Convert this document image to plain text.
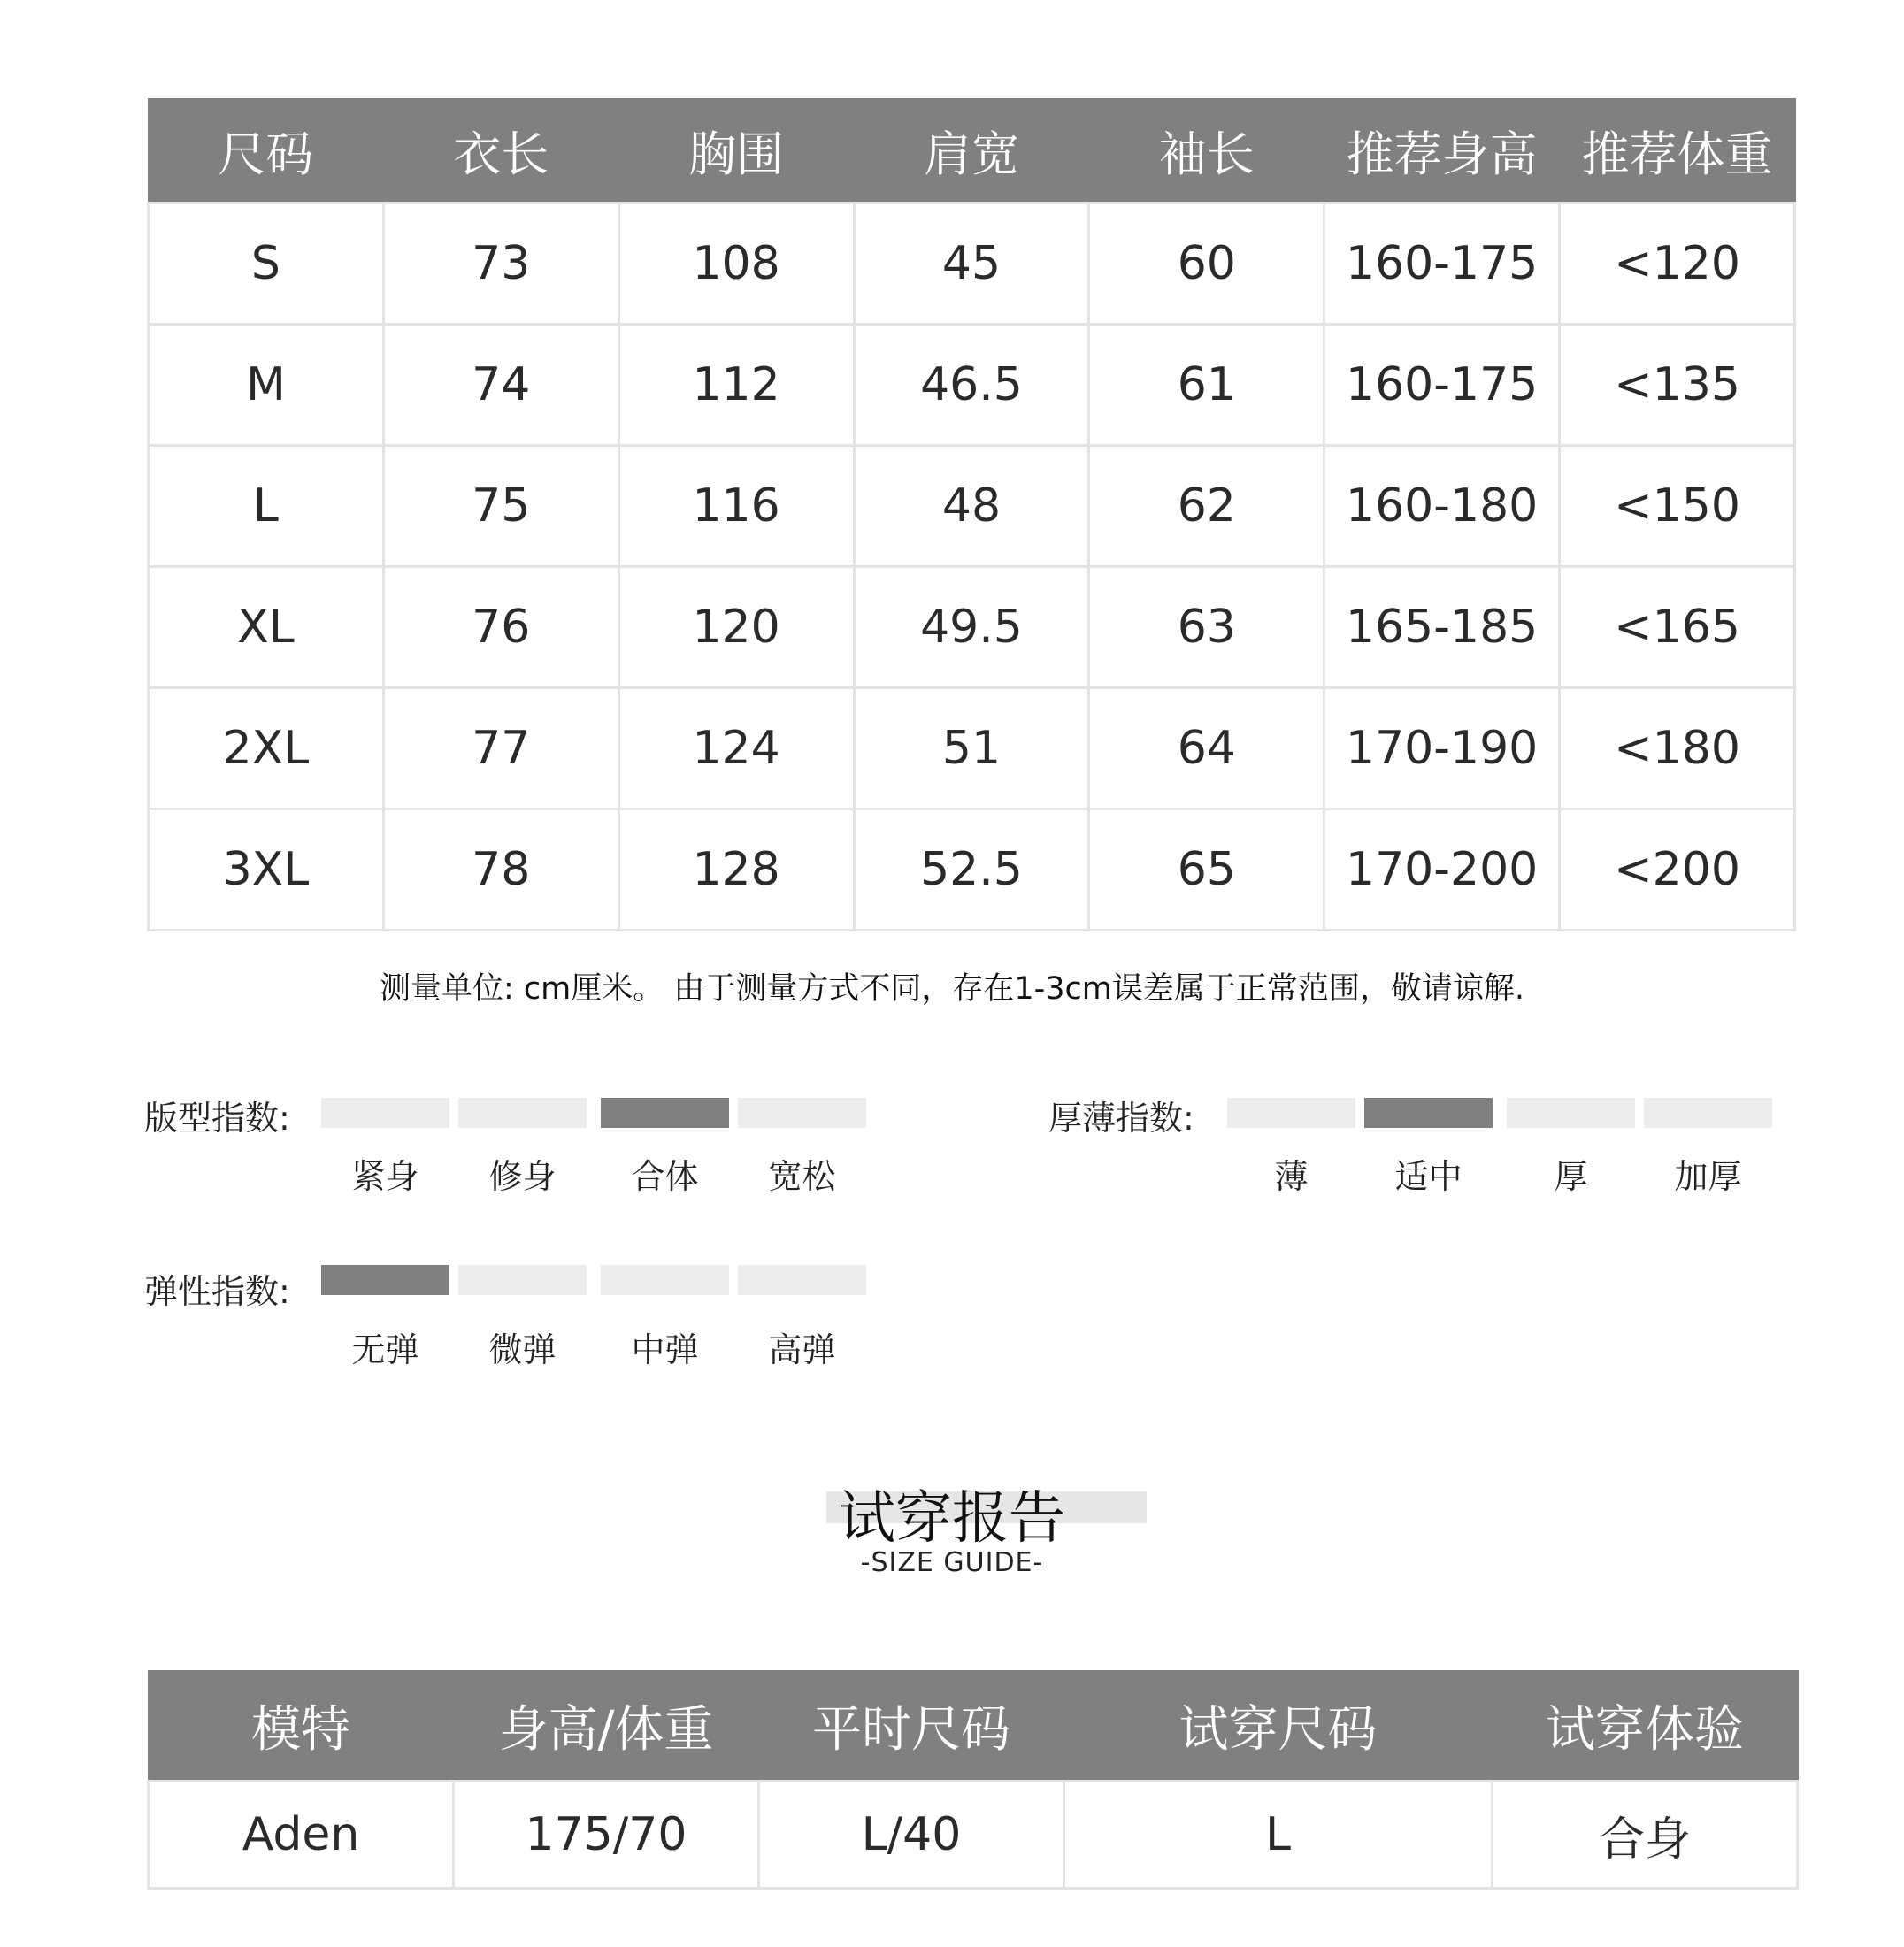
尺码	衣长	胸围	肩宽	袖长	推荐身高	推荐体重
S	73	108	45	60	160-175	<120
M	74	112	46.5	61	160-175	<135
L	75	116	48	62	160-180	<150
XL	76	120	49.5	63	165-185	<165
2XL	77	124	51	64	170-190	<180
3XL	78	128	52.5	65	170-200	<200
测量单位: cm厘米。 由于测量方式不同，存在1-3cm误差属于正常范围，敬请谅解.
版型指数:
紧身	修身	合体	宽松
厚薄指数:
薄	适中	厚	加厚
弹性指数:
无弹	微弹	中弹	高弹
试穿报告
-SIZE GUIDE-
模特	身高/体重	平时尺码	试穿尺码	试穿体验
Aden	175/70	L/40	L	合身
